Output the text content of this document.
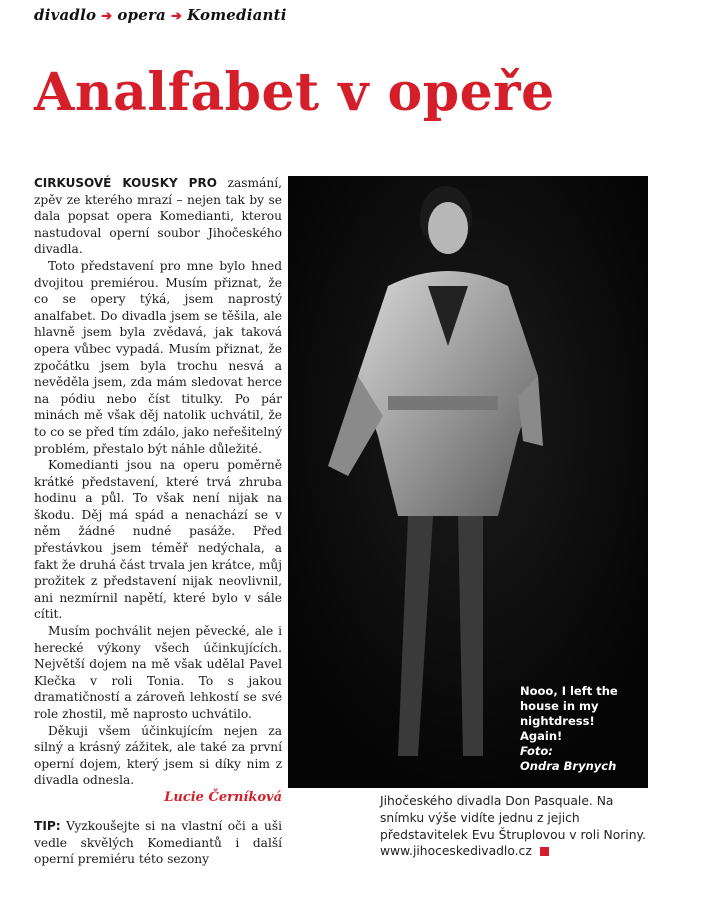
divadlo ➔ opera ➔ Komedianti
Analfabet v opeře

CIRKUSOVÉ KOUSKY PRO zasmání, zpěv ze kterého mrazí – nejen tak by se dala popsat opera Komedianti, kterou nastudoval operní soubor Jihočeského divadla.

Toto představení pro mne bylo hned dvojitou premiérou. Musím přiznat, že co se opery týká, jsem naprostý analfabet. Do divadla jsem se těšila, ale hlavně jsem byla zvědavá, jak taková opera vůbec vypadá. Musím přiznat, že zpočátku jsem byla trochu nesvá a nevěděla jsem, zda mám sledovat herce na pódiu nebo číst titulky. Po pár minách mě však děj natolik uchvátil, že to co se před tím zdálo, jako neřešitelný problém, přestalo být náhle důležité.

Komedianti jsou na operu poměrně krátké představení, které trvá zhruba hodinu a půl. To však není nijak na škodu. Děj má spád a nenachází se v něm žádné nudné pasáže. Před přestávkou jsem téměř nedýchala, a fakt že druhá část trvala jen krátce, můj prožitek z představení nijak neovlivnil, ani nezmírnil napětí, které bylo v sále cítit.

Musím pochválit nejen pěvecké, ale i herecké výkony všech účinkujících. Největší dojem na mě však udělal Pavel Klečka v roli Tonia. To s jakou dramatičností a zároveň lehkostí se své role zhostil, mě naprosto uchvátilo.

Děkuji všem účinkujícím nejen za silný a krásný zážitek, ale také za první operní dojem, který jsem si díky nim z divadla odnesla.

Lucie Černíková
TIP: Vyzkoušejte si na vlastní oči a uši vedle skvělých Komediantů i další operní premiéru této sezony
Nooo, I left the
house in my
nightdress!
Again!
Foto:
Ondra Brynych
Jihočeského divadla Don Pasquale. Na snímku výše vidíte jednu z jejich představitelek Evu Štruplovou v roli Noriny. www.jihoceskedivadlo.cz
